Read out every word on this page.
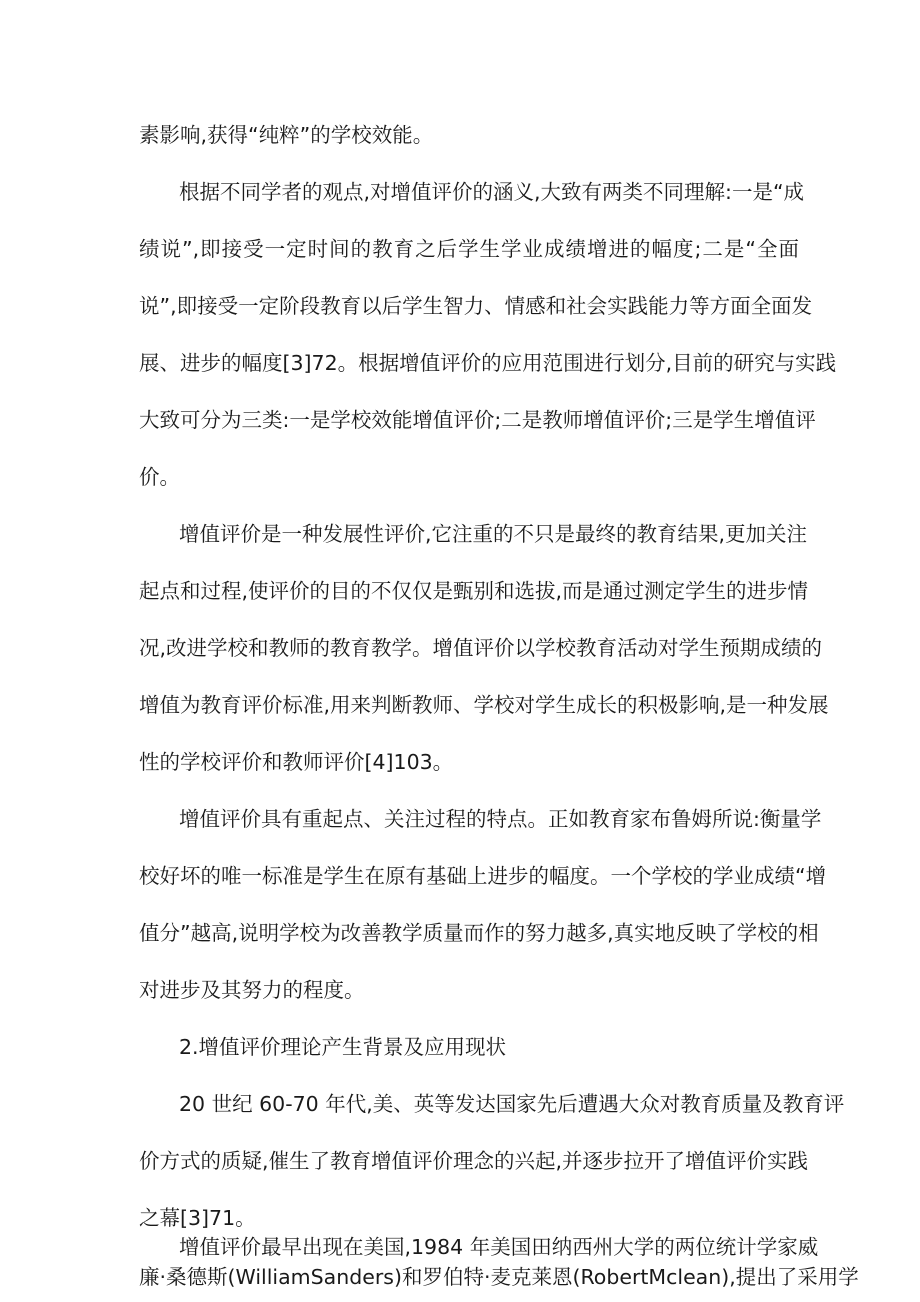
素影响,获得“纯粹”的学校效能。

根据不同学者的观点,对增值评价的涵义,大致有两类不同理解:一是“成

绩说”,即接受一定时间的教育之后学生学业成绩增进的幅度;二是“全面

说”,即接受一定阶段教育以后学生智力、情感和社会实践能力等方面全面发

展、进步的幅度[3]72。根据增值评价的应用范围进行划分,目前的研究与实践

大致可分为三类:一是学校效能增值评价;二是教师增值评价;三是学生增值评

价。

增值评价是一种发展性评价,它注重的不只是最终的教育结果,更加关注

起点和过程,使评价的目的不仅仅是甄别和选拔,而是通过测定学生的进步情

况,改进学校和教师的教育教学。增值评价以学校教育活动对学生预期成绩的

增值为教育评价标准,用来判断教师、学校对学生成长的积极影响,是一种发展

性的学校评价和教师评价[4]103。

增值评价具有重起点、关注过程的特点。正如教育家布鲁姆所说:衡量学

校好坏的唯一标准是学生在原有基础上进步的幅度。一个学校的学业成绩“增

值分”越高,说明学校为改善教学质量而作的努力越多,真实地反映了学校的相

对进步及其努力的程度。

2.增值评价理论产生背景及应用现状

20 世纪 60-70 年代,美、英等发达国家先后遭遇大众对教育质量及教育评

价方式的质疑,催生了教育增值评价理念的兴起,并逐步拉开了增值评价实践

之幕[3]71。

增值评价最早出现在美国,1984 年美国田纳西州大学的两位统计学家威

廉·桑德斯(WilliamSanders)和罗伯特·麦克莱恩(RobertMclean),提出了采用学
